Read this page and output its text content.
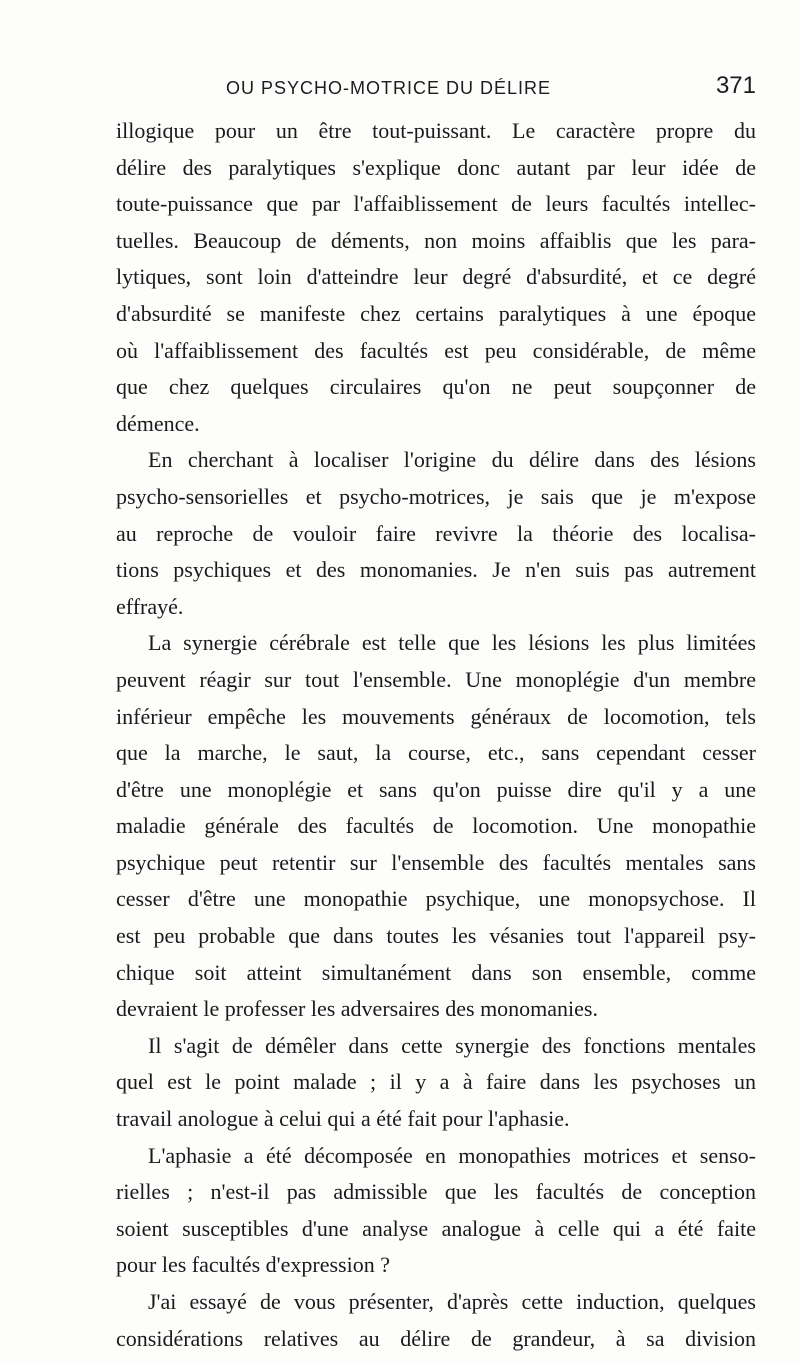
OU PSYCHO-MOTRICE DU DÉLIRE	371
illogique pour un être tout-puissant. Le caractère propre du
délire des paralytiques s'explique donc autant par leur idée de
toute-puissance que par l'affaiblissement de leurs facultés intellec-
tuelles. Beaucoup de déments, non moins affaiblis que les para-
lytiques, sont loin d'atteindre leur degré d'absurdité, et ce degré
d'absurdité se manifeste chez certains paralytiques à une époque
où l'affaiblissement des facultés est peu considérable, de même
que chez quelques circulaires qu'on ne peut soupçonner de
démence.
En cherchant à localiser l'origine du délire dans des lésions
psycho-sensorielles et psycho-motrices, je sais que je m'expose
au reproche de vouloir faire revivre la théorie des localisa-
tions psychiques et des monomanies. Je n'en suis pas autrement
effrayé.
La synergie cérébrale est telle que les lésions les plus limitées
peuvent réagir sur tout l'ensemble. Une monoplégie d'un membre
inférieur empêche les mouvements généraux de locomotion, tels
que la marche, le saut, la course, etc., sans cependant cesser
d'être une monoplégie et sans qu'on puisse dire qu'il y a une
maladie générale des facultés de locomotion. Une monopathie
psychique peut retentir sur l'ensemble des facultés mentales sans
cesser d'être une monopathie psychique, une monopsychose. Il
est peu probable que dans toutes les vésanies tout l'appareil psy-
chique soit atteint simultanément dans son ensemble, comme
devraient le professer les adversaires des monomanies.
Il s'agit de démêler dans cette synergie des fonctions mentales
quel est le point malade ; il y a à faire dans les psychoses un
travail anologue à celui qui a été fait pour l'aphasie.
L'aphasie a été décomposée en monopathies motrices et senso-
rielles ; n'est-il pas admissible que les facultés de conception
soient susceptibles d'une analyse analogue à celle qui a été faite
pour les facultés d'expression ?
J'ai essayé de vous présenter, d'après cette induction, quelques
considérations relatives au délire de grandeur, à sa division
